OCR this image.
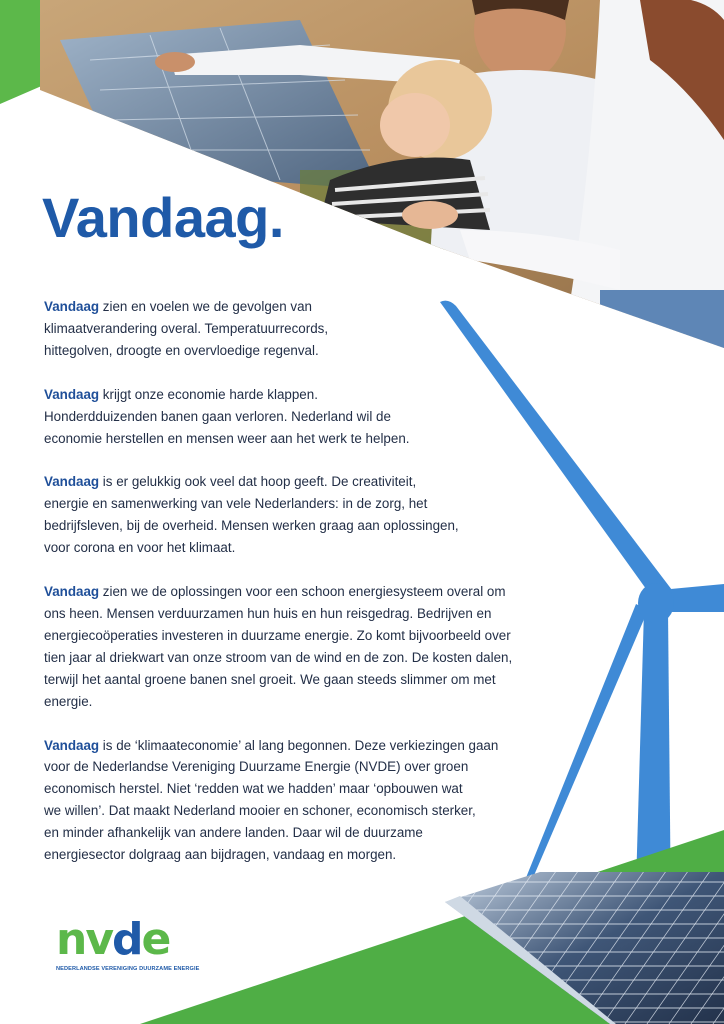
Vandaag.

Vandaag zien en voelen we de gevolgen van
klimaatverandering overal. Temperatuurrecords,
hittegolven, droogte en overvloedige regenval.

Vandaag krijgt onze economie harde klappen.
Honderdduizenden banen gaan verloren. Nederland wil de
economie herstellen en mensen weer aan het werk te helpen.

Vandaag is er gelukkig ook veel dat hoop geeft. De creativiteit,
energie en samenwerking van vele Nederlanders: in de zorg, het
bedrijfsleven, bij de overheid. Mensen werken graag aan oplossingen,
voor corona en voor het klimaat.

Vandaag zien we de oplossingen voor een schoon energiesysteem overal om
ons heen. Mensen verduurzamen hun huis en hun reisgedrag. Bedrijven en
energiecoöperaties investeren in duurzame energie. Zo komt bijvoorbeeld over
tien jaar al driekwart van onze stroom van de wind en de zon. De kosten dalen,
terwijl het aantal groene banen snel groeit. We gaan steeds slimmer om met
energie.

Vandaag is de ‘klimaateconomie’ al lang begonnen. Deze verkiezingen gaan
voor de Nederlandse Vereniging Duurzame Energie (NVDE) over groen
economisch herstel. Niet ‘redden wat we hadden’ maar ‘opbouwen wat
we willen’. Dat maakt Nederland mooier en schoner, economisch sterker,
en minder afhankelijk van andere landen. Daar wil de duurzame
energiesector dolgraag aan bijdragen, vandaag en morgen.

nvde
NEDERLANDSE VERENIGING DUURZAME ENERGIE
